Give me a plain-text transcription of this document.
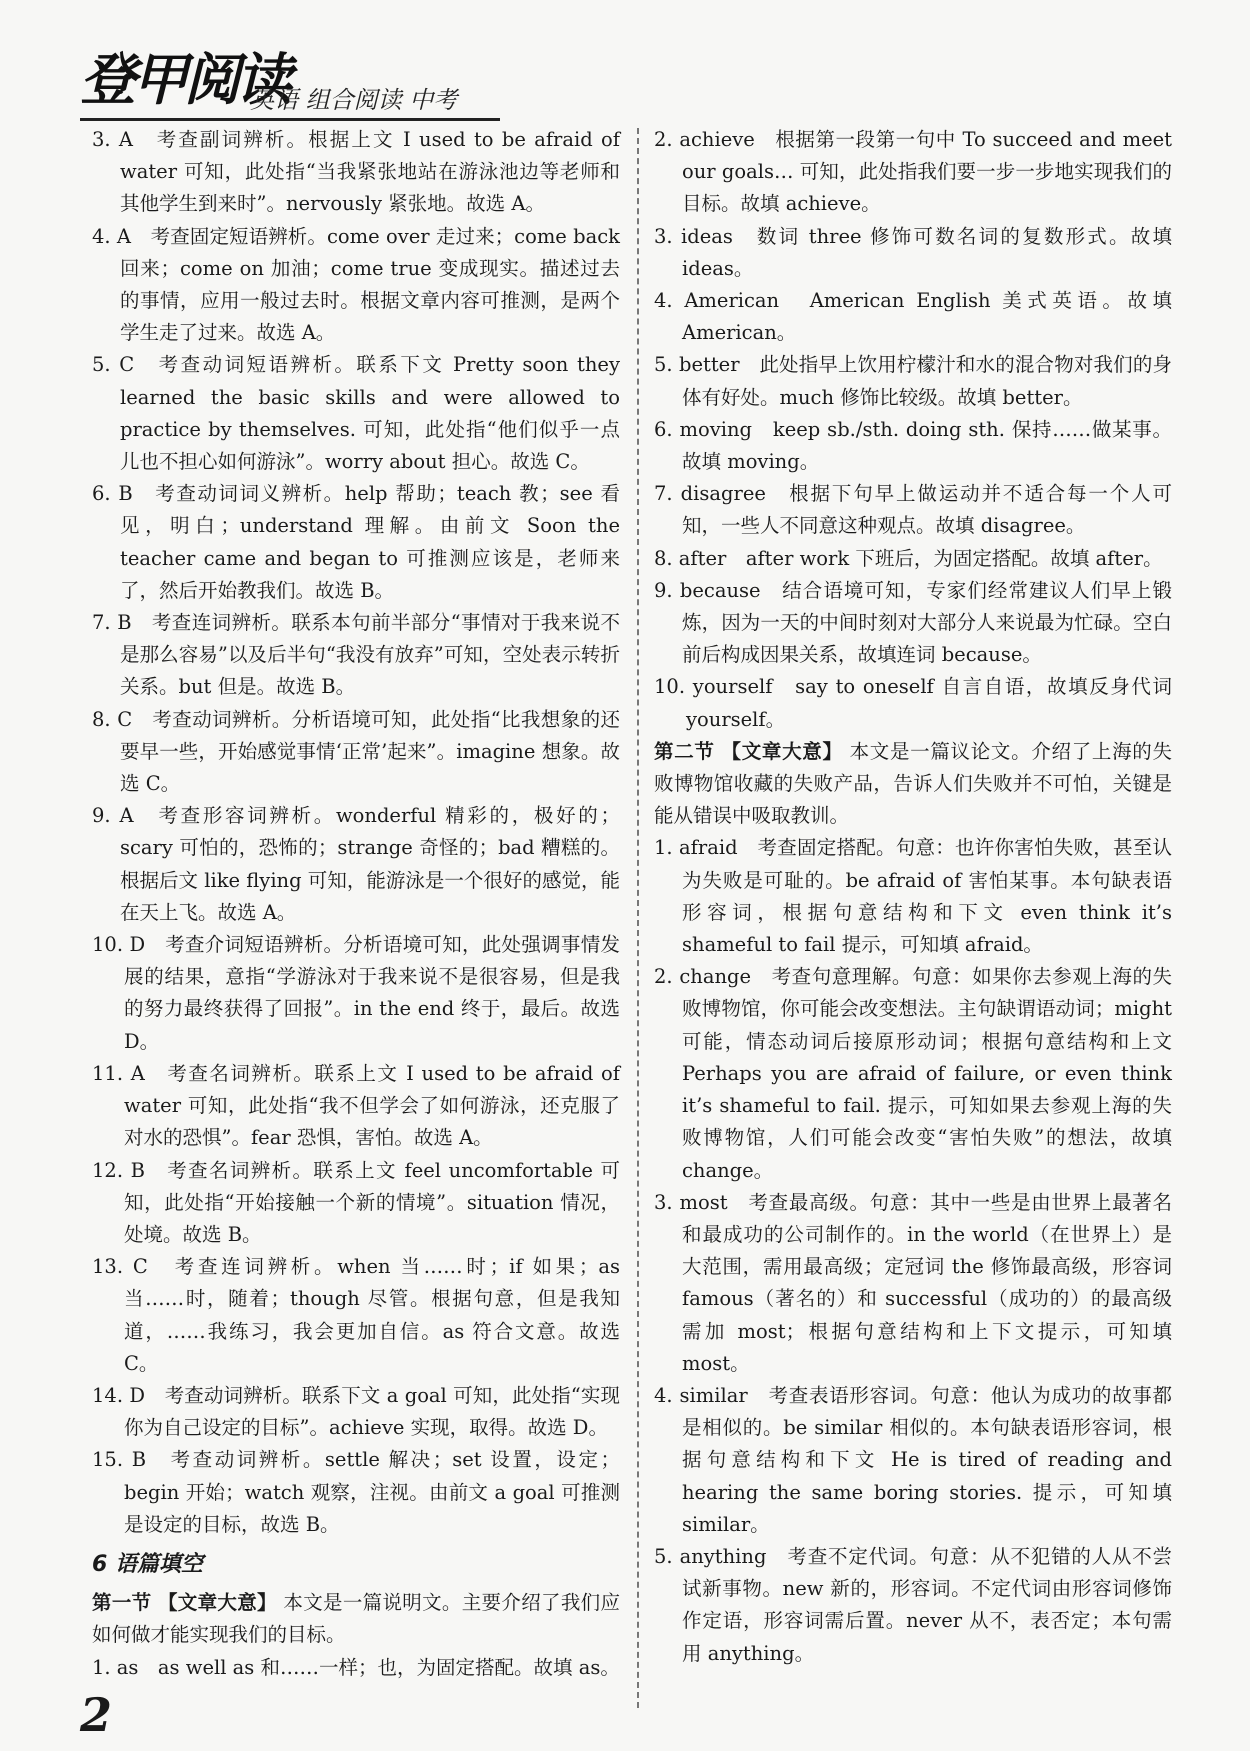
登甲阅读
英语 组合阅读 中考

3. A　考查副词辨析。根据上文 I used to be afraid of water 可知，此处指“当我紧张地站在游泳池边等老师和其他学生到来时”。nervously 紧张地。故选 A。

4. A　考查固定短语辨析。come over 走过来；come back 回来；come on 加油；come true 变成现实。描述过去的事情，应用一般过去时。根据文章内容可推测，是两个学生走了过来。故选 A。

5. C　考查动词短语辨析。联系下文 Pretty soon they learned the basic skills and were allowed to practice by themselves. 可知，此处指“他们似乎一点儿也不担心如何游泳”。worry about 担心。故选 C。

6. B　考查动词词义辨析。help 帮助；teach 教；see 看见，明白；understand 理解。由前文 Soon the teacher came and began to 可推测应该是，老师来了，然后开始教我们。故选 B。

7. B　考查连词辨析。联系本句前半部分“事情对于我来说不是那么容易”以及后半句“我没有放弃”可知，空处表示转折关系。but 但是。故选 B。

8. C　考查动词辨析。分析语境可知，此处指“比我想象的还要早一些，开始感觉事情‘正常’起来”。imagine 想象。故选 C。

9. A　考查形容词辨析。wonderful 精彩的，极好的；scary 可怕的，恐怖的；strange 奇怪的；bad 糟糕的。根据后文 like flying 可知，能游泳是一个很好的感觉，能在天上飞。故选 A。

10. D　考查介词短语辨析。分析语境可知，此处强调事情发展的结果，意指“学游泳对于我来说不是很容易，但是我的努力最终获得了回报”。in the end 终于，最后。故选 D。

11. A　考查名词辨析。联系上文 I used to be afraid of water 可知，此处指“我不但学会了如何游泳，还克服了对水的恐惧”。fear 恐惧，害怕。故选 A。

12. B　考查名词辨析。联系上文 feel uncomfortable 可知，此处指“开始接触一个新的情境”。situation 情况，处境。故选 B。

13. C　考查连词辨析。when 当……时；if 如果；as 当……时，随着；though 尽管。根据句意，但是我知道，……我练习，我会更加自信。as 符合文意。故选 C。

14. D　考查动词辨析。联系下文 a goal 可知，此处指“实现你为自己设定的目标”。achieve 实现，取得。故选 D。

15. B　考查动词辨析。settle 解决；set 设置，设定；begin 开始；watch 观察，注视。由前文 a goal 可推测是设定的目标，故选 B。

6 语篇填空

第一节 【文章大意】 本文是一篇说明文。主要介绍了我们应如何做才能实现我们的目标。

1. as　as well as 和……一样；也，为固定搭配。故填 as。

2. achieve　根据第一段第一句中 To succeed and meet our goals… 可知，此处指我们要一步一步地实现我们的目标。故填 achieve。

3. ideas　数词 three 修饰可数名词的复数形式。故填 ideas。

4. American　American English 美式英语。故填 American。

5. better　此处指早上饮用柠檬汁和水的混合物对我们的身体有好处。much 修饰比较级。故填 better。

6. moving　keep sb./sth. doing sth. 保持……做某事。故填 moving。

7. disagree　根据下句早上做运动并不适合每一个人可知，一些人不同意这种观点。故填 disagree。

8. after　after work 下班后，为固定搭配。故填 after。

9. because　结合语境可知，专家们经常建议人们早上锻炼，因为一天的中间时刻对大部分人来说最为忙碌。空白前后构成因果关系，故填连词 because。

10. yourself　say to oneself 自言自语，故填反身代词 yourself。

第二节 【文章大意】 本文是一篇议论文。介绍了上海的失败博物馆收藏的失败产品，告诉人们失败并不可怕，关键是能从错误中吸取教训。

1. afraid　考查固定搭配。句意：也许你害怕失败，甚至认为失败是可耻的。be afraid of 害怕某事。本句缺表语形容词，根据句意结构和下文 even think it’s shameful to fail 提示，可知填 afraid。

2. change　考查句意理解。句意：如果你去参观上海的失败博物馆，你可能会改变想法。主句缺谓语动词；might 可能，情态动词后接原形动词；根据句意结构和上文 Perhaps you are afraid of failure, or even think it’s shameful to fail. 提示，可知如果去参观上海的失败博物馆，人们可能会改变“害怕失败”的想法，故填 change。

3. most　考查最高级。句意：其中一些是由世界上最著名和最成功的公司制作的。in the world（在世界上）是大范围，需用最高级；定冠词 the 修饰最高级，形容词 famous（著名的）和 successful（成功的）的最高级需加 most；根据句意结构和上下文提示，可知填 most。

4. similar　考查表语形容词。句意：他认为成功的故事都是相似的。be similar 相似的。本句缺表语形容词，根据句意结构和下文 He is tired of reading and hearing the same boring stories. 提示，可知填 similar。

5. anything　考查不定代词。句意：从不犯错的人从不尝试新事物。new 新的，形容词。不定代词由形容词修饰作定语，形容词需后置。never 从不，表否定；本句需用 anything。

2
